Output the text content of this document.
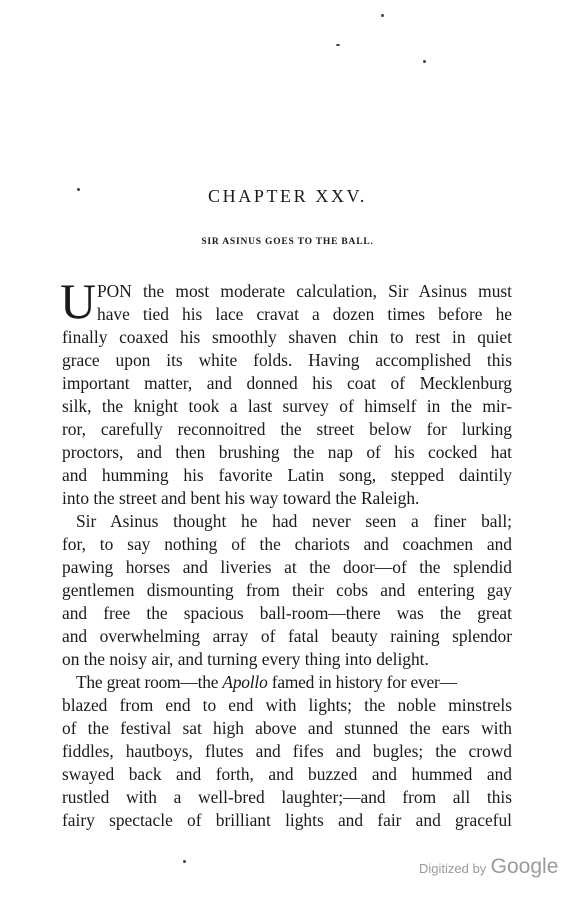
CHAPTER XXV.
SIR ASINUS GOES TO THE BALL.
U PON the most moderate calculation, Sir Asinus must
have tied his lace cravat a dozen times before he
finally coaxed his smoothly shaven chin to rest in quiet
grace upon its white folds. Having accomplished this
important matter, and donned his coat of Mecklenburg
silk, the knight took a last survey of himself in the mir-
ror, carefully reconnoitred the street below for lurking
proctors, and then brushing the nap of his cocked hat
and humming his favorite Latin song, stepped daintily
into the street and bent his way toward the Raleigh.
Sir Asinus thought he had never seen a finer ball;
for, to say nothing of the chariots and coachmen and
pawing horses and liveries at the door—of the splendid
gentlemen dismounting from their cobs and entering gay
and free the spacious ball-room—there was the great
and overwhelming array of fatal beauty raining splendor
on the noisy air, and turning every thing into delight.
The great room—the Apollo famed in history for ever—
blazed from end to end with lights; the noble minstrels
of the festival sat high above and stunned the ears with
fiddles, hautboys, flutes and fifes and bugles; the crowd
swayed back and forth, and buzzed and hummed and
rustled with a well-bred laughter;—and from all this
fairy spectacle of brilliant lights and fair and graceful
Digitized by Google
